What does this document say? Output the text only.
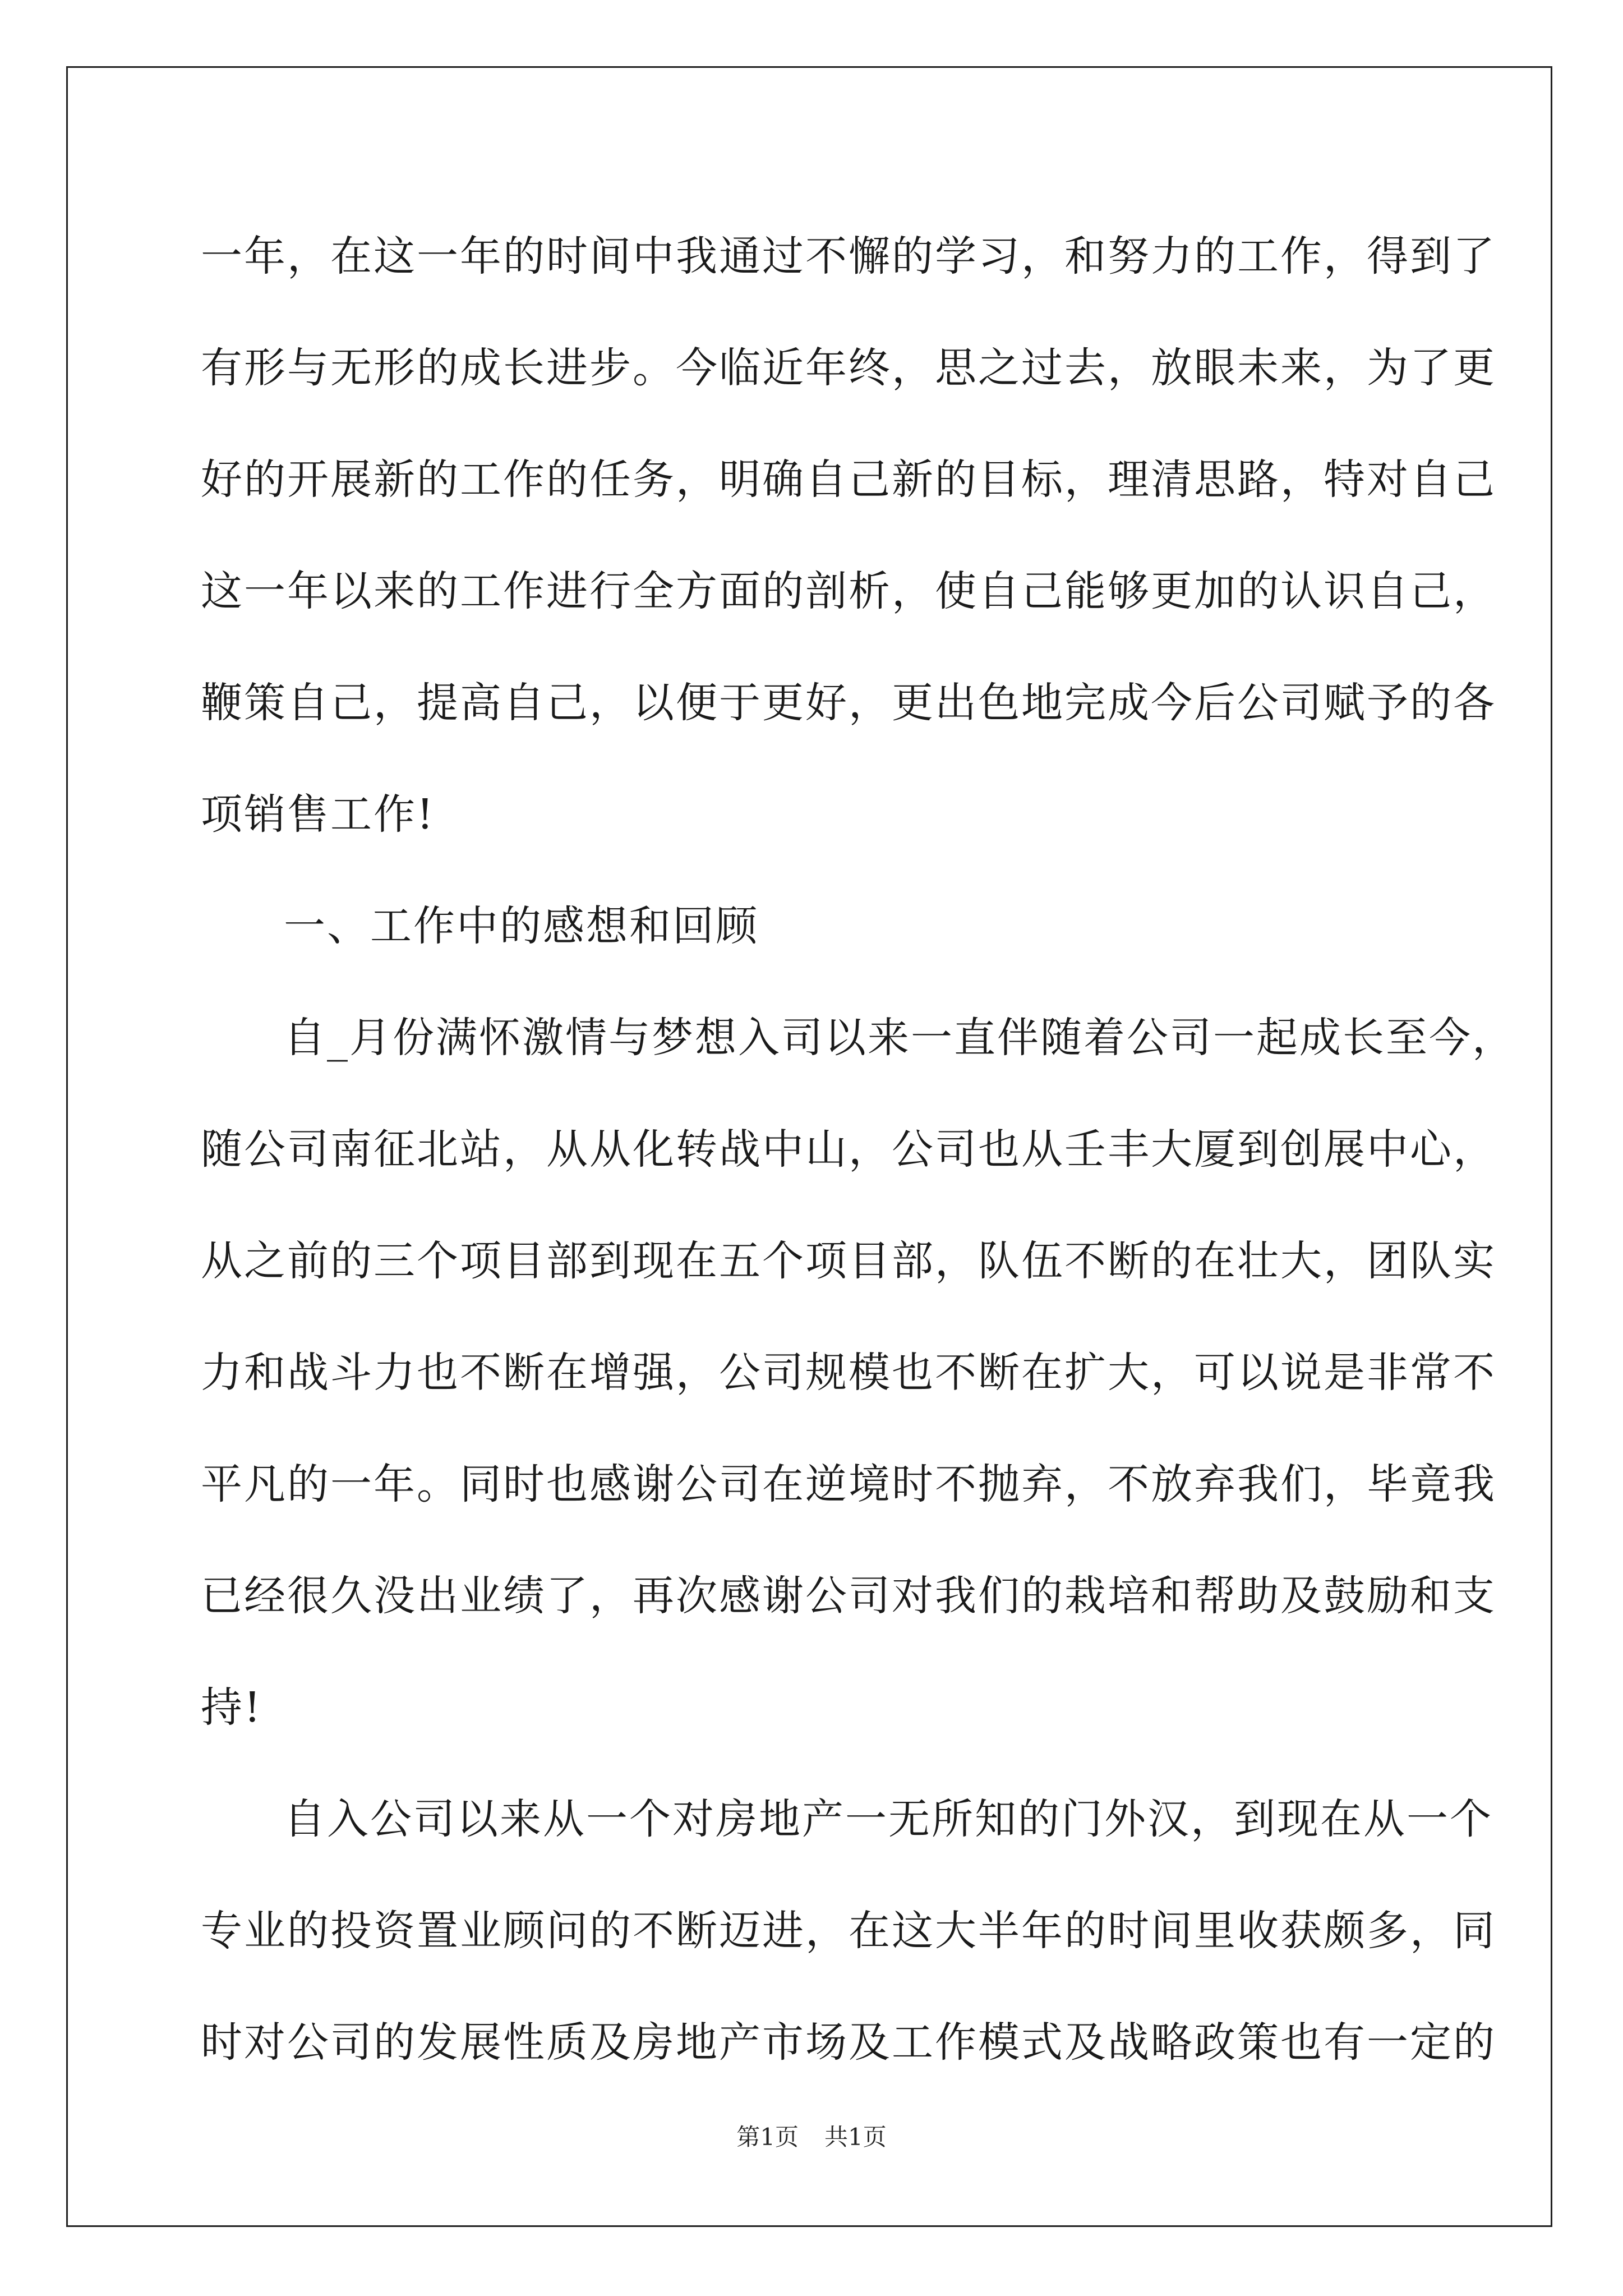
一年，在这一年的时间中我通过不懈的学习，和努力的工作，得到了
有形与无形的成长进步。今临近年终，思之过去，放眼未来，为了更
好的开展新的工作的任务，明确自己新的目标，理清思路，特对自己
这一年以来的工作进行全方面的剖析，使自己能够更加的认识自己，
鞭策自己，提高自己，以便于更好，更出色地完成今后公司赋予的各
项销售工作!
一、工作中的感想和回顾
自_月份满怀激情与梦想入司以来一直伴随着公司一起成长至今，
随公司南征北站，从从化转战中山，公司也从壬丰大厦到创展中心，
从之前的三个项目部到现在五个项目部，队伍不断的在壮大，团队实
力和战斗力也不断在增强，公司规模也不断在扩大，可以说是非常不
平凡的一年。同时也感谢公司在逆境时不抛弃，不放弃我们，毕竟我
已经很久没出业绩了，再次感谢公司对我们的栽培和帮助及鼓励和支
持!
自入公司以来从一个对房地产一无所知的门外汉，到现在从一个
专业的投资置业顾问的不断迈进，在这大半年的时间里收获颇多，同
时对公司的发展性质及房地产市场及工作模式及战略政策也有一定的
第1页 共1页
